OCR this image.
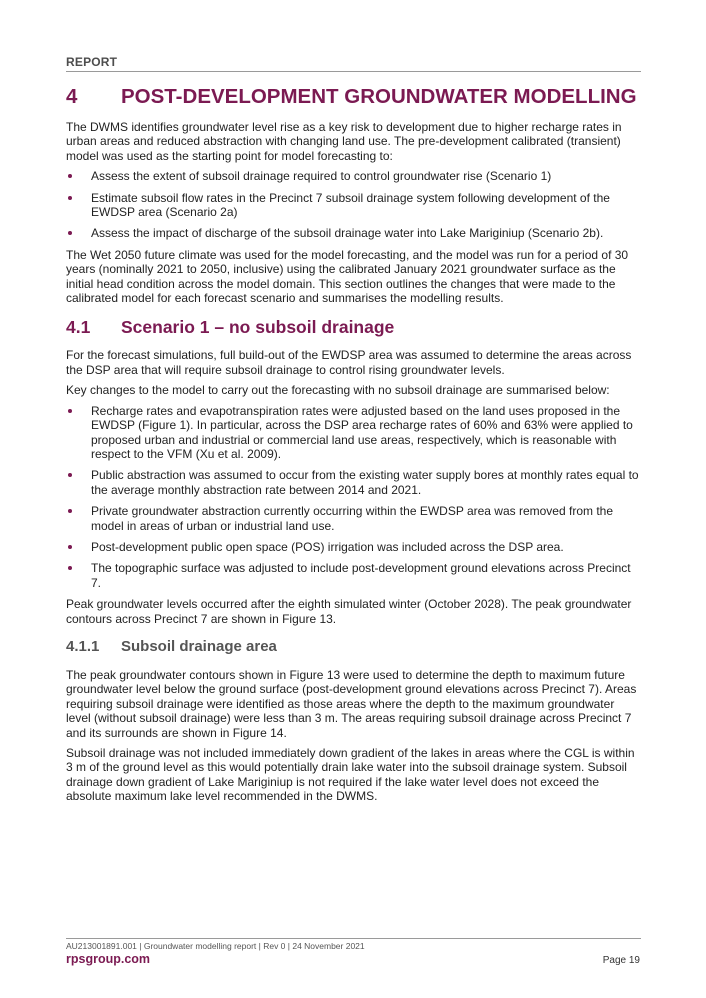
REPORT
4	POST-DEVELOPMENT GROUNDWATER MODELLING

The DWMS identifies groundwater level rise as a key risk to development due to higher recharge rates in urban areas and reduced abstraction with changing land use. The pre-development calibrated (transient) model was used as the starting point for model forecasting to:

Assess the extent of subsoil drainage required to control groundwater rise (Scenario 1)
Estimate subsoil flow rates in the Precinct 7 subsoil drainage system following development of the EWDSP area (Scenario 2a)
Assess the impact of discharge of the subsoil drainage water into Lake Mariginiup (Scenario 2b).

The Wet 2050 future climate was used for the model forecasting, and the model was run for a period of 30 years (nominally 2021 to 2050, inclusive) using the calibrated January 2021 groundwater surface as the initial head condition across the model domain. This section outlines the changes that were made to the calibrated model for each forecast scenario and summarises the modelling results.

4.1	Scenario 1 – no subsoil drainage

For the forecast simulations, full build-out of the EWDSP area was assumed to determine the areas across the DSP area that will require subsoil drainage to control rising groundwater levels.

Key changes to the model to carry out the forecasting with no subsoil drainage are summarised below:

Recharge rates and evapotranspiration rates were adjusted based on the land uses proposed in the EWDSP (Figure 1). In particular, across the DSP area recharge rates of 60% and 63% were applied to proposed urban and industrial or commercial land use areas, respectively, which is reasonable with respect to the VFM (Xu et al. 2009).
Public abstraction was assumed to occur from the existing water supply bores at monthly rates equal to the average monthly abstraction rate between 2014 and 2021.
Private groundwater abstraction currently occurring within the EWDSP area was removed from the model in areas of urban or industrial land use.
Post-development public open space (POS) irrigation was included across the DSP area.
The topographic surface was adjusted to include post-development ground elevations across Precinct 7.

Peak groundwater levels occurred after the eighth simulated winter (October 2028). The peak groundwater contours across Precinct 7 are shown in Figure 13.

4.1.1	Subsoil drainage area

The peak groundwater contours shown in Figure 13 were used to determine the depth to maximum future groundwater level below the ground surface (post-development ground elevations across Precinct 7). Areas requiring subsoil drainage were identified as those areas where the depth to the maximum groundwater level (without subsoil drainage) were less than 3 m. The areas requiring subsoil drainage across Precinct 7 and its surrounds are shown in Figure 14.

Subsoil drainage was not included immediately down gradient of the lakes in areas where the CGL is within 3 m of the ground level as this would potentially drain lake water into the subsoil drainage system. Subsoil drainage down gradient of Lake Mariginiup is not required if the lake water level does not exceed the absolute maximum lake level recommended in the DWMS.

AU213001891.001 | Groundwater modelling report | Rev 0 | 24 November 2021
rpsgroup.com	Page 19
